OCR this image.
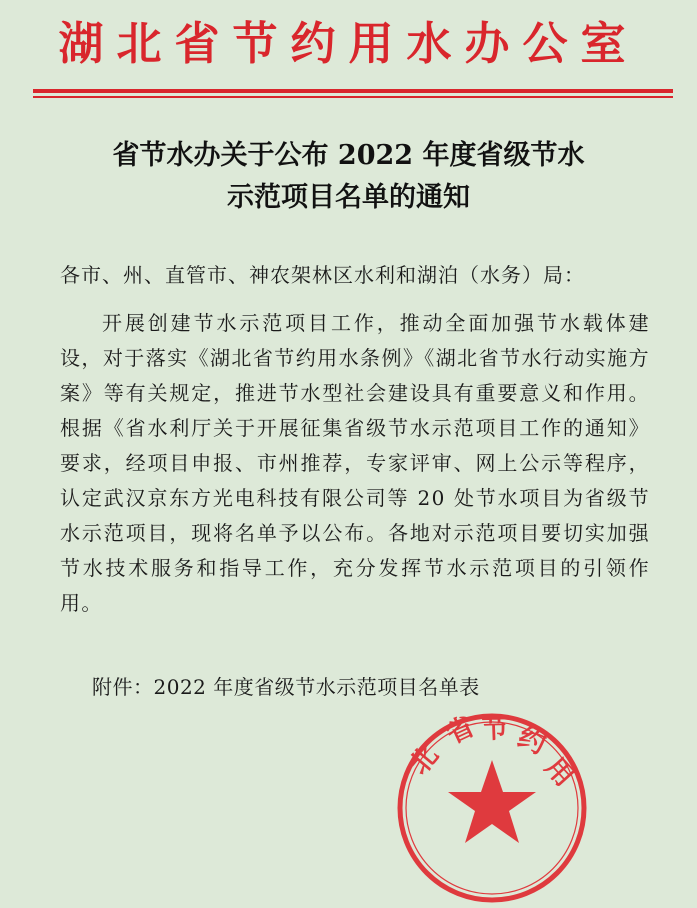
湖北省节约用水办公室
省节水办关于公布 2022 年度省级节水
示范项目名单的通知
各市、州、直管市、神农架林区水利和湖泊（水务）局：

开展创建节水示范项目工作，推动全面加强节水载体建设，对于落实《湖北省节约用水条例》《湖北省节水行动实施方案》等有关规定，推进节水型社会建设具有重要意义和作用。根据《省水利厅关于开展征集省级节水示范项目工作的通知》要求，经项目申报、市州推荐，专家评审、网上公示等程序，认定武汉京东方光电科技有限公司等 20 处节水项目为省级节水示范项目，现将名单予以公布。各地对示范项目要切实加强节水技术服务和指导工作，充分发挥节水示范项目的引领作用。

附件：2022 年度省级节水示范项目名单表
北
省 节 约
用
